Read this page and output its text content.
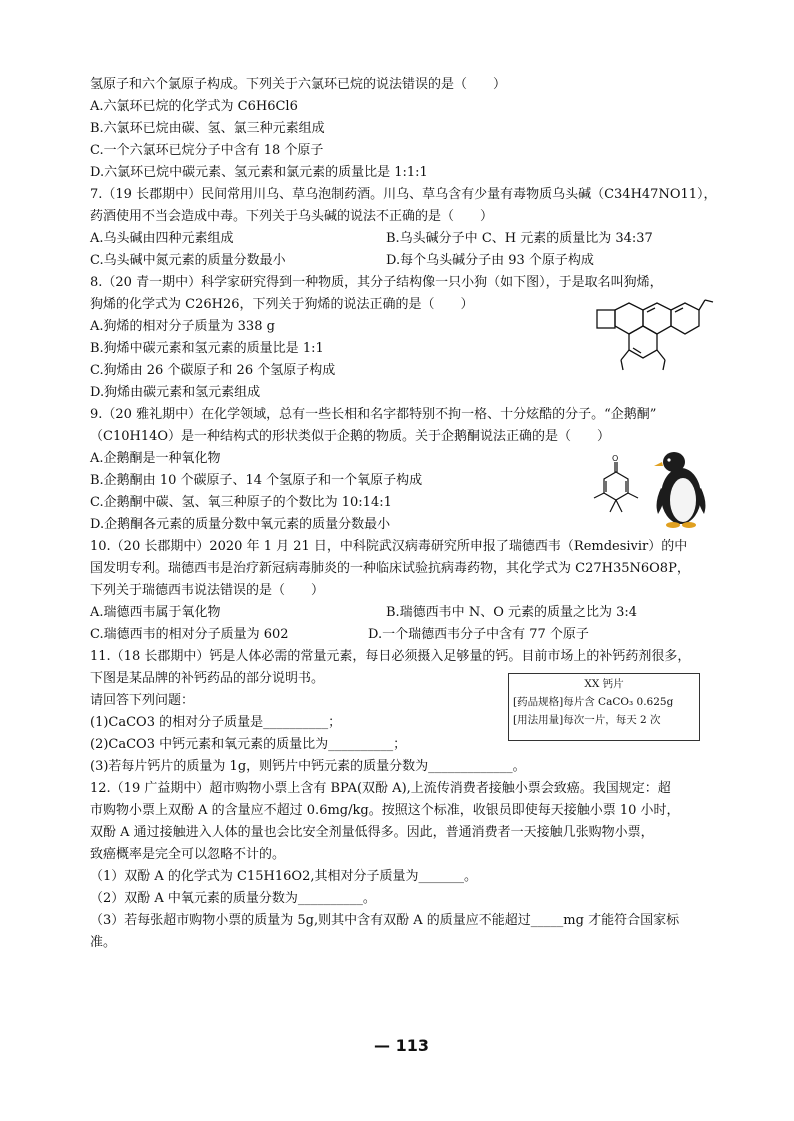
氢原子和六个氯原子构成。下列关于六氯环已烷的说法错误的是（　　）
A.六氯环已烷的化学式为 C6H6Cl6
B.六氯环已烷由碳、氢、氯三种元素组成
C.一个六氯环已烷分子中含有 18 个原子
D.六氯环已烷中碳元素、氢元素和氯元素的质量比是 1:1:1
7.（19 长郡期中）民间常用川乌、草乌泡制药酒。川乌、草乌含有少量有毒物质乌头碱（C34H47NO11），
药酒使用不当会造成中毒。下列关于乌头碱的说法不正确的是（　　）
A.乌头碱由四种元素组成	B.乌头碱分子中 C、H 元素的质量比为 34:37
C.乌头碱中氮元素的质量分数最小	D.每个乌头碱分子由 93 个原子构成
8.（20 青一期中）科学家研究得到一种物质，其分子结构像一只小狗（如下图），于是取名叫狗烯，
狗烯的化学式为 C26H26，下列关于狗烯的说法正确的是（　　）
A.狗烯的相对分子质量为 338 g
B.狗烯中碳元素和氢元素的质量比是 1:1
C.狗烯由 26 个碳原子和 26 个氢原子构成
D.狗烯由碳元素和氢元素组成
9.（20 雅礼期中）在化学领域，总有一些长相和名字都特别不拘一格、十分炫酷的分子。“企鹅酮”
（C10H14O）是一种结构式的形状类似于企鹅的物质。关于企鹅酮说法正确的是（　　）
A.企鹅酮是一种氧化物
B.企鹅酮由 10 个碳原子、14 个氢原子和一个氧原子构成
C.企鹅酮中碳、氢、氧三种原子的个数比为 10:14:1
D.企鹅酮各元素的质量分数中氧元素的质量分数最小
10.（20 长郡期中）2020 年 1 月 21 日，中科院武汉病毒研究所申报了瑞德西韦（Remdesivir）的中
国发明专利。瑞德西韦是治疗新冠病毒肺炎的一种临床试验抗病毒药物，其化学式为 C27H35N6O8P，
下列关于瑞德西韦说法错误的是（　　）
A.瑞德西韦属于氧化物	B.瑞德西韦中 N、O 元素的质量之比为 3:4
C.瑞德西韦的相对分子质量为 602	D.一个瑞德西韦分子中含有 77 个原子
11.（18 长郡期中）钙是人体必需的常量元素，每日必须摄入足够量的钙。目前市场上的补钙药剂很多，
下图是某品牌的补钙药品的部分说明书。
请回答下列问题：
(1)CaCO3 的相对分子质量是__________；
(2)CaCO3 中钙元素和氧元素的质量比为__________；
(3)若每片钙片的质量为 1g，则钙片中钙元素的质量分数为_____________。
12.（19 广益期中）超市购物小票上含有 BPA(双酚 A),上流传消费者接触小票会致癌。我国规定：超
市购物小票上双酚 A 的含量应不超过 0.6mg/kg。按照这个标准，收银员即使每天接触小票 10 小时，
双酚 A 通过接触进入人体的量也会比安全剂量低得多。因此，普通消费者一天接触几张购物小票，
致癌概率是完全可以忽略不计的。
（1）双酚 A 的化学式为 C15H16O2,其相对分子质量为_______。
（2）双酚 A 中氧元素的质量分数为__________。
（3）若每张超市购物小票的质量为 5g,则其中含有双酚 A 的质量应不能超过_____mg 才能符合国家标
准。
O
XX 钙片
[药品规格]每片含 CaCO₃ 0.625g
[用法用量]每次一片，每天 2 次
— 113
